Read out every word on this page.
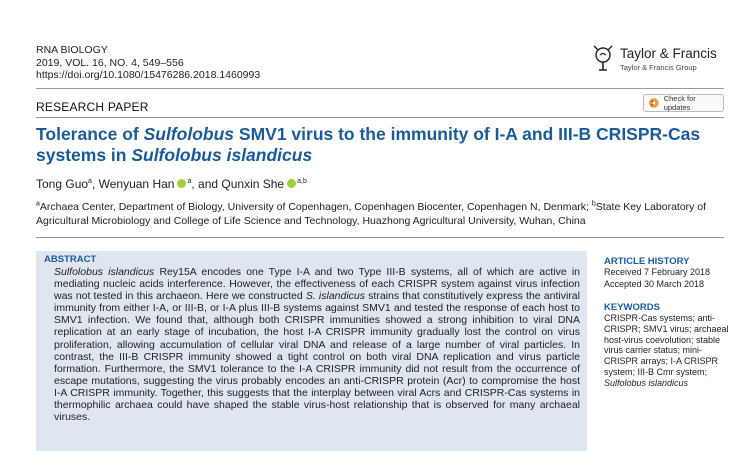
RNA BIOLOGY
2019, VOL. 16, NO. 4, 549–556
https://doi.org/10.1080/15476286.2018.1460993
Taylor & Francis
Taylor & Francis Group
RESEARCH PAPER
Check for updates
Tolerance of Sulfolobus SMV1 virus to the immunity of I-A and III-B CRISPR-Cas systems in Sulfolobus islandicus
Tong Guo$^a$, Wenyuan Han $^a$, and Qunxin She $^{a,b}$
$^a$Archaea Center, Department of Biology, University of Copenhagen, Copenhagen Biocenter, Copenhagen N, Denmark; $^b$State Key Laboratory of Agricultural Microbiology and College of Life Science and Technology, Huazhong Agricultural University, Wuhan, China
ABSTRACT
Sulfolobus islandicus Rey15A encodes one Type I-A and two Type III-B systems, all of which are active in mediating nucleic acids interference. However, the effectiveness of each CRISPR system against virus infection was not tested in this archaeon. Here we constructed S. islandicus strains that constitutively express the antiviral immunity from either I-A, or III-B, or I-A plus III-B systems against SMV1 and tested the response of each host to SMV1 infection. We found that, although both CRISPR immunities showed a strong inhibition to viral DNA replication at an early stage of incubation, the host I-A CRISPR immunity gradually lost the control on virus proliferation, allowing accumulation of cellular viral DNA and release of a large number of viral particles. In contrast, the III-B CRISPR immunity showed a tight control on both viral DNA replication and virus particle formation. Furthermore, the SMV1 tolerance to the I-A CRISPR immunity did not result from the occurrence of escape mutations, suggesting the virus probably encodes an anti-CRISPR protein (Acr) to compromise the host I-A CRISPR immunity. Together, this suggests that the interplay between viral Acrs and CRISPR-Cas systems in thermophilic archaea could have shaped the stable virus-host relationship that is observed for many archaeal viruses.
ARTICLE HISTORY
Received 7 February 2018
Accepted 30 March 2018
KEYWORDS
CRISPR-Cas systems; anti-CRISPR; SMV1 virus; archaeal host-virus coevolution; stable virus carrier status; mini-CRISPR arrays; I-A CRISPR system; III-B Cmr system; Sulfolobus islandicus
